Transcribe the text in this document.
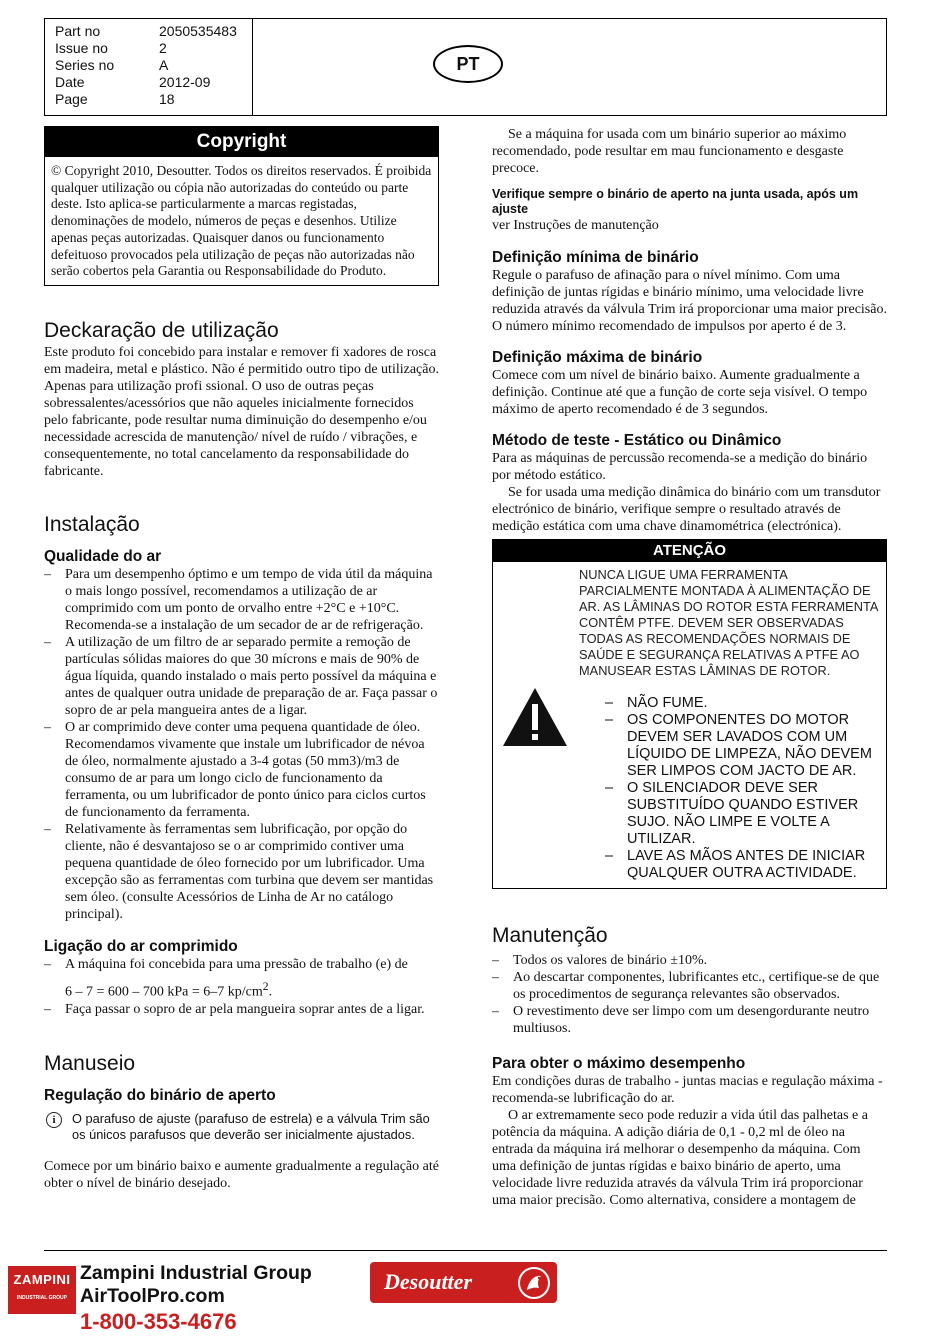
Part no	2050535483
Issue no	2
Series no	A
Date	2012-09
Page	18
PT
Copyright

© Copyright 2010, Desoutter. Todos os direitos reservados. É proibida qualquer utilização ou cópia não autorizadas do conteúdo ou parte deste. Isto aplica-se particularmente a marcas registadas, denominações de modelo, números de peças e desenhos. Utilize apenas peças autorizadas. Quaisquer danos ou funcionamento defeituoso provocados pela utilização de peças não autorizadas não serão cobertos pela Garantia ou Responsabilidade do Produto.

Deckaração de utilização

Este produto foi concebido para instalar e remover fi xadores de rosca em madeira, metal e plástico. Não é permitido outro tipo de utilização. Apenas para utilização profi ssional. O uso de outras peças sobressalentes/acessórios que não aqueles inicialmente fornecidos pelo fabricante, pode resultar numa diminuição do desempenho e/ou necessidade acrescida de manutenção/ nível de ruído / vibrações, e consequentemente, no total cancelamento da responsabilidade do fabricante.

Instalação
Qualidade do ar
– Para um desempenho óptimo e um tempo de vida útil da máquina o mais longo possível, recomendamos a utilização de ar comprimido com um ponto de orvalho entre +2°C e +10°C. Recomenda-se a instalação de um secador de ar de refrigeração.
– A utilização de um filtro de ar separado permite a remoção de partículas sólidas maiores do que 30 mícrons e mais de 90% de água líquida, quando instalado o mais perto possível da máquina e antes de qualquer outra unidade de preparação de ar. Faça passar o sopro de ar pela mangueira antes de a ligar.
– O ar comprimido deve conter uma pequena quantidade de óleo. Recomendamos vivamente que instale um lubrificador de névoa de óleo, normalmente ajustado a 3-4 gotas (50 mm3)/m3 de consumo de ar para um longo ciclo de funcionamento da ferramenta, ou um lubrificador de ponto único para ciclos curtos de funcionamento da ferramenta.
– Relativamente às ferramentas sem lubrificação, por opção do cliente, não é desvantajoso se o ar comprimido contiver uma pequena quantidade de óleo fornecido por um lubrificador. Uma excepção são as ferramentas com turbina que devem ser mantidas sem óleo. (consulte Acessórios de Linha de Ar no catálogo principal).
Ligação do ar comprimido
– A máquina foi concebida para uma pressão de trabalho (e) de
6 – 7 = 600 – 700 kPa = 6–7 $kp/cm^2$.
– Faça passar o sopro de ar pela mangueira soprar antes de a ligar.
Manuseio
Regulação do binário de aperto
i	O parafuso de ajuste (parafuso de estrela) e a válvula Trim são os únicos parafusos que deverão ser inicialmente ajustados.

Comece por um binário baixo e aumente gradualmente a regulação até obter o nível de binário desejado.

Se a máquina for usada com um binário superior ao máximo recomendado, pode resultar em mau funcionamento e desgaste precoce.

Verifique sempre o binário de aperto na junta usada, após um ajuste

ver Instruções de manutenção

Definição mínima de binário

Regule o parafuso de afinação para o nível mínimo. Com uma definição de juntas rígidas e binário mínimo, uma velocidade livre reduzida através da válvula Trim irá proporcionar uma maior precisão. O número mínimo recomendado de impulsos por aperto é de 3.

Definição máxima de binário

Comece com um nível de binário baixo. Aumente gradualmente a definição. Continue até que a função de corte seja visível. O tempo máximo de aperto recomendado é de 3 segundos.

Método de teste - Estático ou Dinâmico

Para as máquinas de percussão recomenda-se a medição do binário por método estático.

Se for usada uma medição dinâmica do binário com um transdutor electrónico de binário, verifique sempre o resultado através de medição estática com uma chave dinamométrica (electrónica).

ATENÇÃO
NUNCA LIGUE UMA FERRAMENTA PARCIALMENTE MONTADA À ALIMENTAÇÃO DE AR. AS LÂMINAS DO ROTOR ESTA FERRAMENTA CONTÊM PTFE. DEVEM SER OBSERVADAS TODAS AS RECOMENDAÇÕES NORMAIS DE SAÚDE E SEGURANÇA RELATIVAS A PTFE AO MANUSEAR ESTAS LÂMINAS DE ROTOR.
– NÃO FUME.
– OS COMPONENTES DO MOTOR DEVEM SER LAVADOS COM UM LÍQUIDO DE LIMPEZA, NÃO DEVEM SER LIMPOS COM JACTO DE AR.
– O SILENCIADOR DEVE SER SUBSTITUÍDO QUANDO ESTIVER SUJO. NÃO LIMPE E VOLTE A UTILIZAR.
– LAVE AS MÃOS ANTES DE INICIAR QUALQUER OUTRA ACTIVIDADE.
Manutenção
– Todos os valores de binário ±10%.
– Ao descartar componentes, lubrificantes etc., certifique-se de que os procedimentos de segurança relevantes são observados.
– O revestimento deve ser limpo com um desengordurante neutro multiusos.
Para obter o máximo desempenho

Em condições duras de trabalho - juntas macias e regulação máxima - recomenda-se lubrificação do ar.

O ar extremamente seco pode reduzir a vida útil das palhetas e a potência da máquina. A adição diária de 0,1 - 0,2 ml de óleo na entrada da máquina irá melhorar o desempenho da máquina. Com uma definição de juntas rígidas e baixo binário de aperto, uma velocidade livre reduzida através da válvula Trim irá proporcionar uma maior precisão. Como alternativa, considere a montagem de

ZAMPINI
INDUSTRIAL GROUP
Zampini Industrial Group
AirToolPro.com
1-800-353-4676
Desoutter
